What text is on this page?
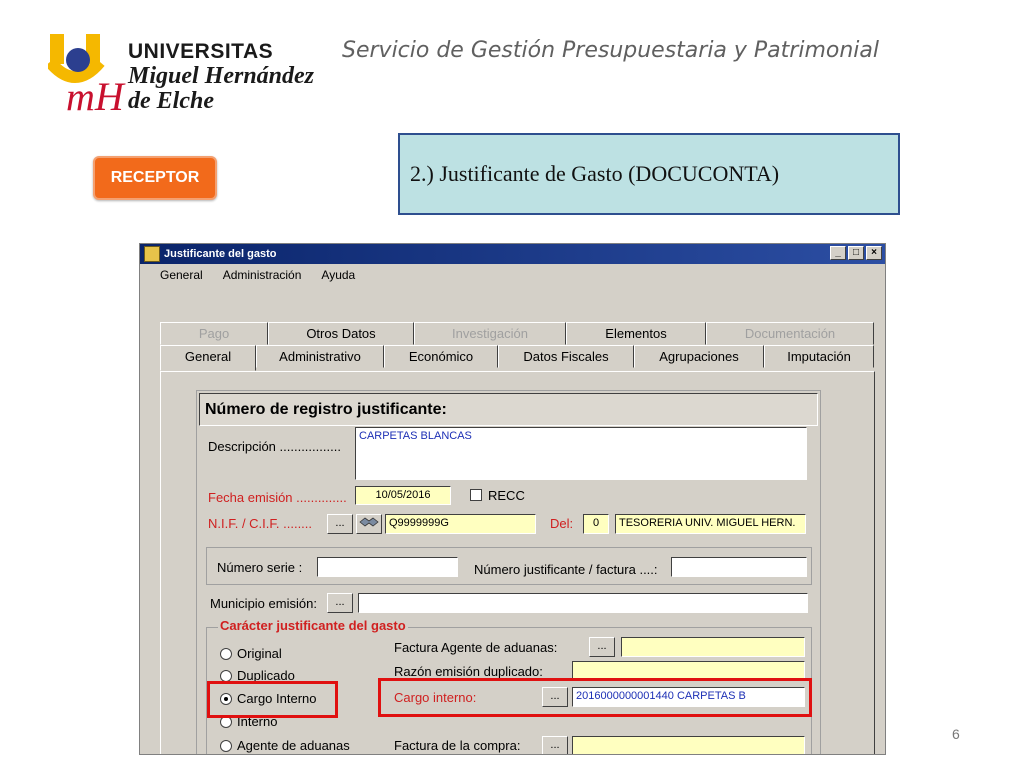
mH
UNIVERSITAS
Miguel Hernández
de Elche
Servicio de Gestión Presupuestaria y Patrimonial
RECEPTOR	2.) Justificante de Gasto (DOCUCONTA)
6
Justificante del gasto	_	□	×
General Administración Ayuda
Pago	Otros Datos	Investigación	Elementos	Documentación
General	Administrativo	Económico	Datos Fiscales	Agrupaciones	Imputación
Número de registro justificante:
Descripción .................
CARPETAS BLANCAS
Fecha emisión ..............	10/05/2016	RECC
N.I.F. / C.I.F. ........	...	Q9999999G	Del:	0	TESORERIA UNIV. MIGUEL HERN.
Número serie :	Número justificante / factura ....:
Municipio emisión:	...
Carácter justificante del gasto
Original
Duplicado
Cargo Interno
Interno
Agente de aduanas
Factura Agente de aduanas:	...
Razón emisión duplicado:
Cargo interno:	...	2016000000001440 CARPETAS B
Factura de la compra:	...
